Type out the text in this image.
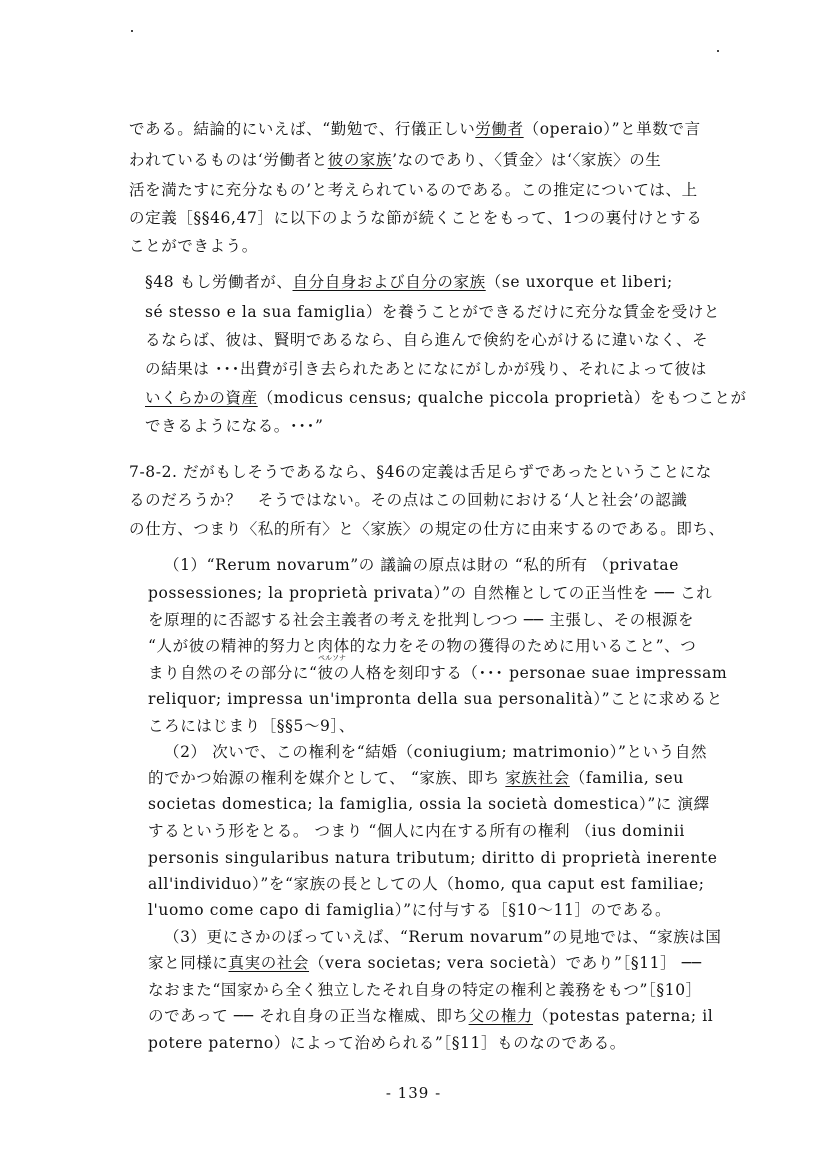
である。結論的にいえば、“勤勉で、行儀正しい労働者（operaio）”と単数で言
われているものは‘労働者と彼の家族’なのであり、〈賃金〉は‘〈家族〉の生
活を満たすに充分なもの’と考えられているのである。この推定については、上
の定義［§§46,47］に以下のような節が続くことをもって、1つの裏付けとする
ことができよう。
§48 もし労働者が、自分自身および自分の家族（se uxorque et liberi;
sé stesso e la sua famiglia）を養うことができるだけに充分な賃金を受けと
るならば、彼は、賢明であるなら、自ら進んで倹約を心がけるに違いなく、そ
の結果は ･･･出費が引き去られたあとになにがしかが残り、それによって彼は
いくらかの資産（modicus census; qualche piccola proprietà）をもつことが
できるようになる。･･･”
7-8-2. だがもしそうであるなら、§46の定義は舌足らずであったということにな
るのだろうか？　そうではない。その点はこの回勅における‘人と社会’の認識
の仕方、つまり〈私的所有〉と〈家族〉の規定の仕方に由来するのである。即ち、
（1）“Rerum novarum”の 議論の原点は財の “私的所有 （privatae
possessiones; la proprietà privata）”の 自然権としての正当性を ── これ
を原理的に否認する社会主義者の考えを批判しつつ ── 主張し、その根源を
“人が彼の精神的努力と肉体的な力をその物の獲得のために用いること”、つ
ペルソナ
まり自然のその部分に“彼の人格を刻印する（･･･ personae suae impressam
reliquor; impressa un'impronta della sua personalità）”ことに求めると
ころにはじまり［§§5〜9］、
（2） 次いで、この権利を“結婚（coniugium; matrimonio）”という自然
的でかつ始源の権利を媒介として、 “家族、即ち 家族社会（familia, seu
societas domestica; la famiglia, ossia la società domestica）”に 演繹
するという形をとる。 つまり “個人に内在する所有の権利 （ius dominii
personis singularibus natura tributum; diritto di proprietà inerente
all'individuo）”を“家族の長としての人（homo, qua caput est familiae;
l'uomo come capo di famiglia）”に付与する［§10〜11］のである。
（3）更にさかのぼっていえば、“Rerum novarum”の見地では、“家族は国
家と同様に真実の社会（vera societas; vera società）であり”［§11］ ──
なおまた“国家から全く独立したそれ自身の特定の権利と義務をもつ”［§10］
のであって ── それ自身の正当な権威、即ち父の権力（potestas paterna; il
potere paterno）によって治められる”［§11］ものなのである。
- 139 -
